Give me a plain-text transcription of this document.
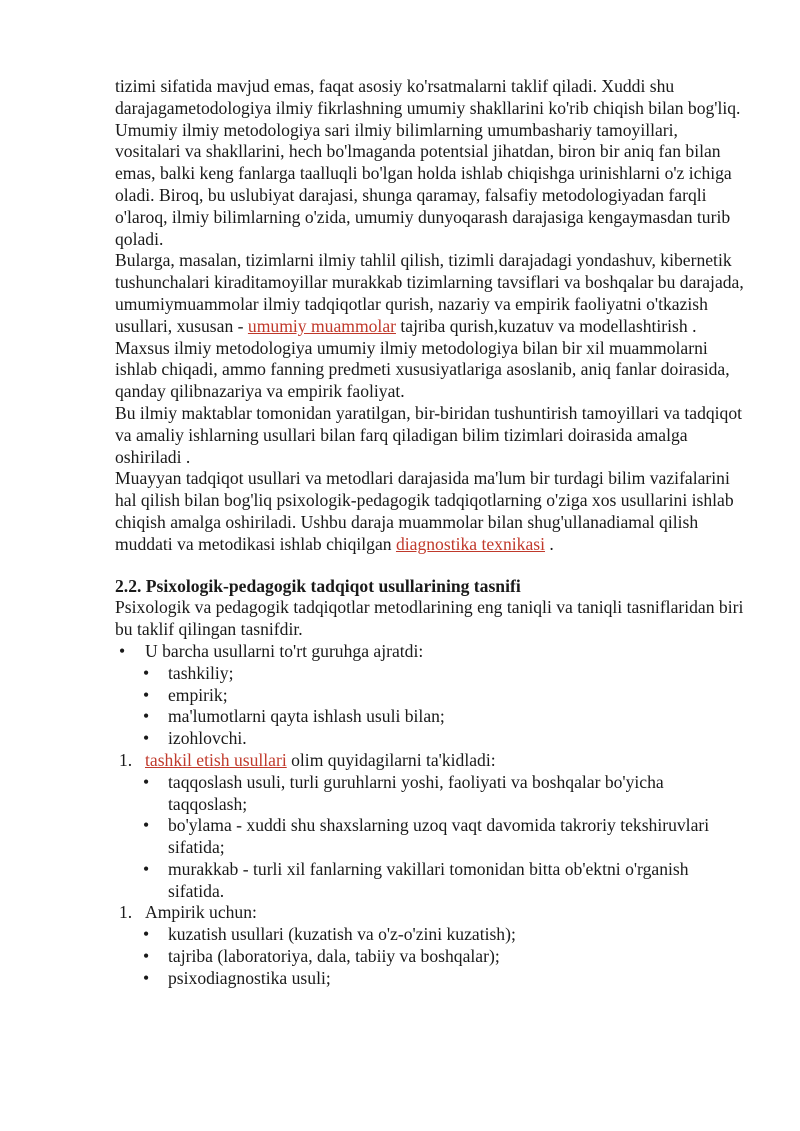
tizimi sifatida mavjud emas, faqat asosiy ko'rsatmalarni taklif qiladi. Xuddi shu darajagametodologiya ilmiy fikrlashning umumiy shakllarini ko'rib chiqish bilan bog'liq.

Umumiy ilmiy metodologiya sari ilmiy bilimlarning umumbashariy tamoyillari, vositalari va shakllarini, hech bo'lmaganda potentsial jihatdan, biron bir aniq fan bilan emas, balki keng fanlarga taalluqli bo'lgan holda ishlab chiqishga urinishlarni o'z ichiga oladi. Biroq, bu uslubiyat darajasi, shunga qaramay, falsafiy metodologiyadan farqli o'laroq, ilmiy bilimlarning o'zida, umumiy dunyoqarash darajasiga kengaymasdan turib qoladi.

Bularga, masalan, tizimlarni ilmiy tahlil qilish, tizimli darajadagi yondashuv, kibernetik tushunchalari kiraditamoyillar murakkab tizimlarning tavsiflari va boshqalar bu darajada, umumiymuammolar ilmiy tadqiqotlar qurish, nazariy va empirik faoliyatni o'tkazish usullari, xususan - umumiy muammolar tajriba qurish,kuzatuv va modellashtirish .

Maxsus ilmiy metodologiya umumiy ilmiy metodologiya bilan bir xil muammolarni ishlab chiqadi, ammo fanning predmeti xususiyatlariga asoslanib, aniq fanlar doirasida, qanday qilibnazariya va empirik faoliyat.

Bu ilmiy maktablar tomonidan yaratilgan, bir-biridan tushuntirish tamoyillari va tadqiqot va amaliy ishlarning usullari bilan farq qiladigan bilim tizimlari doirasida amalga oshiriladi .

Muayyan tadqiqot usullari va metodlari darajasida ma'lum bir turdagi bilim vazifalarini hal qilish bilan bog'liq psixologik-pedagogik tadqiqotlarning o'ziga xos usullarini ishlab chiqish amalga oshiriladi. Ushbu daraja muammolar bilan shug'ullanadiamal qilish muddati va metodikasi ishlab chiqilgan diagnostika texnikasi .

2.2. Psixologik-pedagogik tadqiqot usullarining tasnifi

Psixologik va pedagogik tadqiqotlar metodlarining eng taniqli va taniqli tasniflaridan biri bu taklif qilingan tasnifdir.

• U barcha usullarni to'rt guruhga ajratdi:
• tashkiliy;
• empirik;
• ma'lumotlarni qayta ishlash usuli bilan;
• izohlovchi.
1. tashkil etish usullari olim quyidagilarni ta'kidladi:
• taqqoslash usuli, turli guruhlarni yoshi, faoliyati va boshqalar bo'yicha taqqoslash;
• bo'ylama - xuddi shu shaxslarning uzoq vaqt davomida takroriy tekshiruvlari sifatida;
• murakkab - turli xil fanlarning vakillari tomonidan bitta ob'ektni o'rganish sifatida.
1. Ampirik uchun:
• kuzatish usullari (kuzatish va o'z-o'zini kuzatish);
• tajriba (laboratoriya, dala, tabiiy va boshqalar);
• psixodiagnostika usuli;
